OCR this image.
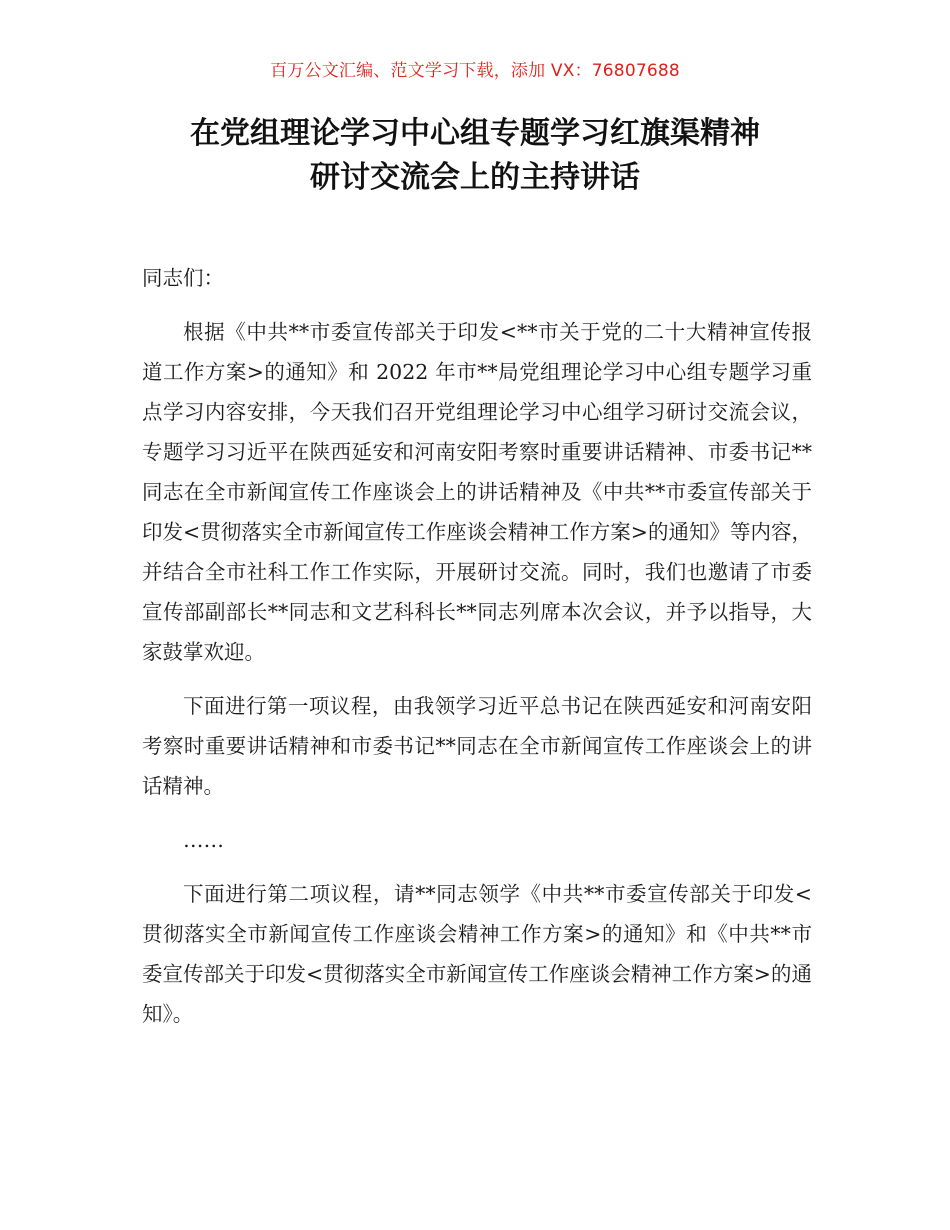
百万公文汇编、范文学习下载，添加 VX：76807688
在党组理论学习中心组专题学习红旗渠精神
研讨交流会上的主持讲话

同志们：

根据《中共**市委宣传部关于印发<**市关于党的二十大精神宣传报道工作方案>的通知》和 2022 年市**局党组理论学习中心组专题学习重点学习内容安排，今天我们召开党组理论学习中心组学习研讨交流会议，专题学习习近平在陕西延安和河南安阳考察时重要讲话精神、市委书记**同志在全市新闻宣传工作座谈会上的讲话精神及《中共**市委宣传部关于印发<贯彻落实全市新闻宣传工作座谈会精神工作方案>的通知》等内容，并结合全市社科工作工作实际，开展研讨交流。同时，我们也邀请了市委宣传部副部长**同志和文艺科科长**同志列席本次会议，并予以指导，大家鼓掌欢迎。

下面进行第一项议程，由我领学习近平总书记在陕西延安和河南安阳考察时重要讲话精神和市委书记**同志在全市新闻宣传工作座谈会上的讲话精神。

……

下面进行第二项议程，请**同志领学《中共**市委宣传部关于印发<贯彻落实全市新闻宣传工作座谈会精神工作方案>的通知》和《中共**市委宣传部关于印发<贯彻落实全市新闻宣传工作座谈会精神工作方案>的通知》。
